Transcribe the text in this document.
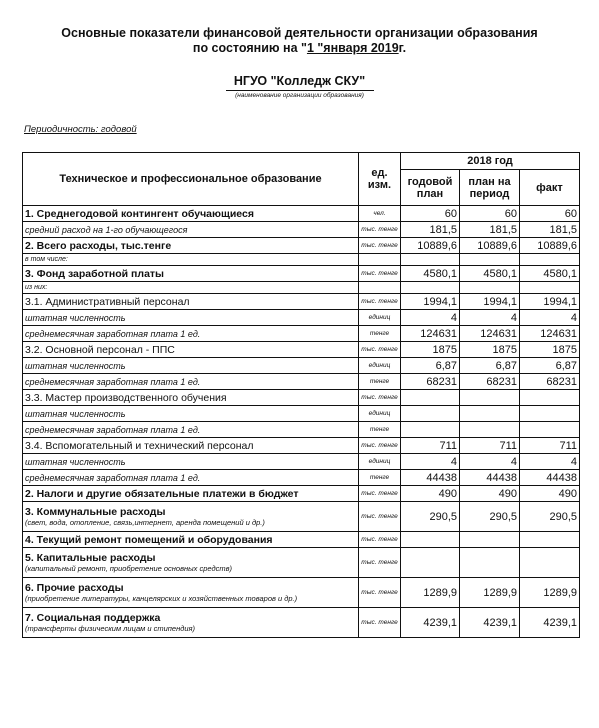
Основные показатели финансовой деятельности организации образования
по состоянию на "1 "января 2019г.
НГУО "Колледж СКУ"
(наименование организации образования)
Периодичность: годовой
Техническое и профессиональное образование	ед. изм.	2018 год		
		годовой план	план на период	факт
1. Среднегодовой контингент обучающиеся	чел.	60	60	60
средний расход на 1-го обучающегося	тыс. тенге	181,5	181,5	181,5
2. Всего расходы, тыс.тенге	тыс. тенге	10889,6	10889,6	10889,6
в том числе:				
3. Фонд заработной платы	тыс. тенге	4580,1	4580,1	4580,1
из них:				
3.1. Административный персонал	тыс. тенге	1994,1	1994,1	1994,1
штатная численность	единиц	4	4	4
среднемесячная заработная плата 1 ед.	тенге	124631	124631	124631
3.2. Основной персонал - ППС	тыс. тенге	1875	1875	1875
штатная численность	единиц	6,87	6,87	6,87
среднемесячная заработная плата 1 ед.	тенге	68231	68231	68231
3.3. Мастер производственного обучения	тыс. тенге			
штатная численность	единиц			
среднемесячная заработная плата 1 ед.	тенге			
3.4. Вспомогательный и технический персонал	тыс. тенге	711	711	711
штатная численность	единиц	4	4	4
среднемесячная заработная плата 1 ед.	тенге	44438	44438	44438
2. Налоги и другие обязательные платежи в бюджет	тыс. тенге	490	490	490
3. Коммунальные расходы
(свет, вода, отопление, связь,интернет, аренда помещений и др.)	тыс. тенге	290,5	290,5	290,5
4. Текущий ремонт помещений и оборудования	тыс. тенге			
5. Капитальные расходы
(капитальный ремонт, приобретение основных средств)	тыс. тенге			
6. Прочие расходы
(приобретение литературы, канцелярских и хозяйственных товаров и др.)	тыс. тенге	1289,9	1289,9	1289,9
7. Социальная поддержка
(трансферты физическим лицам и стипендия)	тыс. тенге	4239,1	4239,1	4239,1
